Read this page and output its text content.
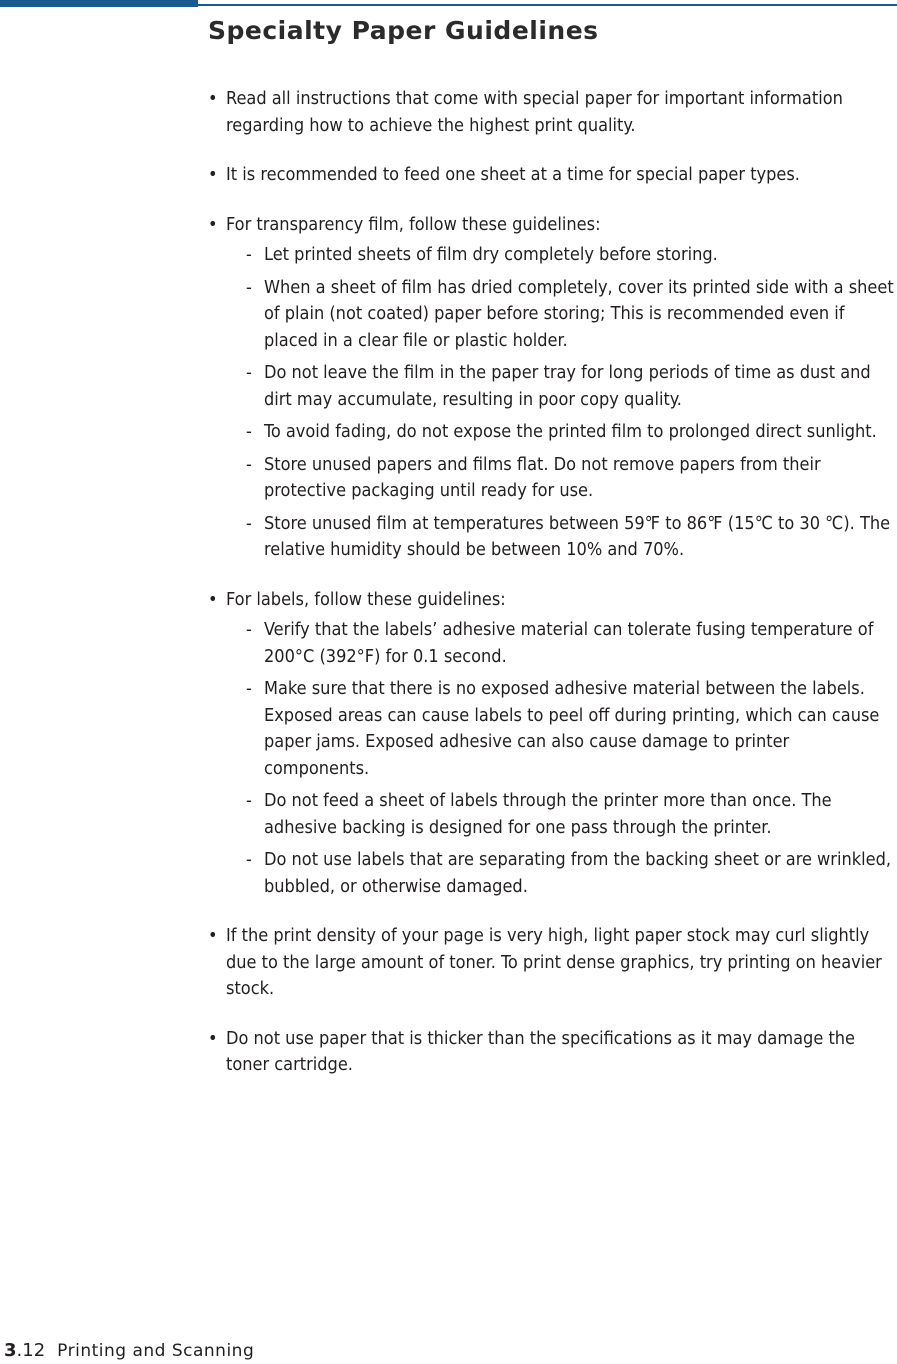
Specialty Paper Guidelines
• Read all instructions that come with special paper for important information regarding how to achieve the highest print quality.
• It is recommended to feed one sheet at a time for special paper types.
• For transparency film, follow these guidelines:
- Let printed sheets of film dry completely before storing.
- When a sheet of film has dried completely, cover its printed side with a sheet of plain (not coated) paper before storing; This is recommended even if placed in a clear file or plastic holder.
- Do not leave the film in the paper tray for long periods of time as dust and dirt may accumulate, resulting in poor copy quality.
- To avoid fading, do not expose the printed film to prolonged direct sunlight.
- Store unused papers and films flat. Do not remove papers from their protective packaging until ready for use.
- Store unused film at temperatures between 59℉ to 86℉ (15℃ to 30 ℃). The relative humidity should be between 10% and 70%.
• For labels, follow these guidelines:
- Verify that the labels’ adhesive material can tolerate fusing temperature of 200°C (392°F) for 0.1 second.
- Make sure that there is no exposed adhesive material between the labels. Exposed areas can cause labels to peel off during printing, which can cause paper jams. Exposed adhesive can also cause damage to printer components.
- Do not feed a sheet of labels through the printer more than once. The adhesive backing is designed for one pass through the printer.
- Do not use labels that are separating from the backing sheet or are wrinkled, bubbled, or otherwise damaged.
• If the print density of your page is very high, light paper stock may curl slightly due to the large amount of toner. To print dense graphics, try printing on heavier stock.
• Do not use paper that is thicker than the specifications as it may damage the toner cartridge.
3.12 Printing and Scanning
